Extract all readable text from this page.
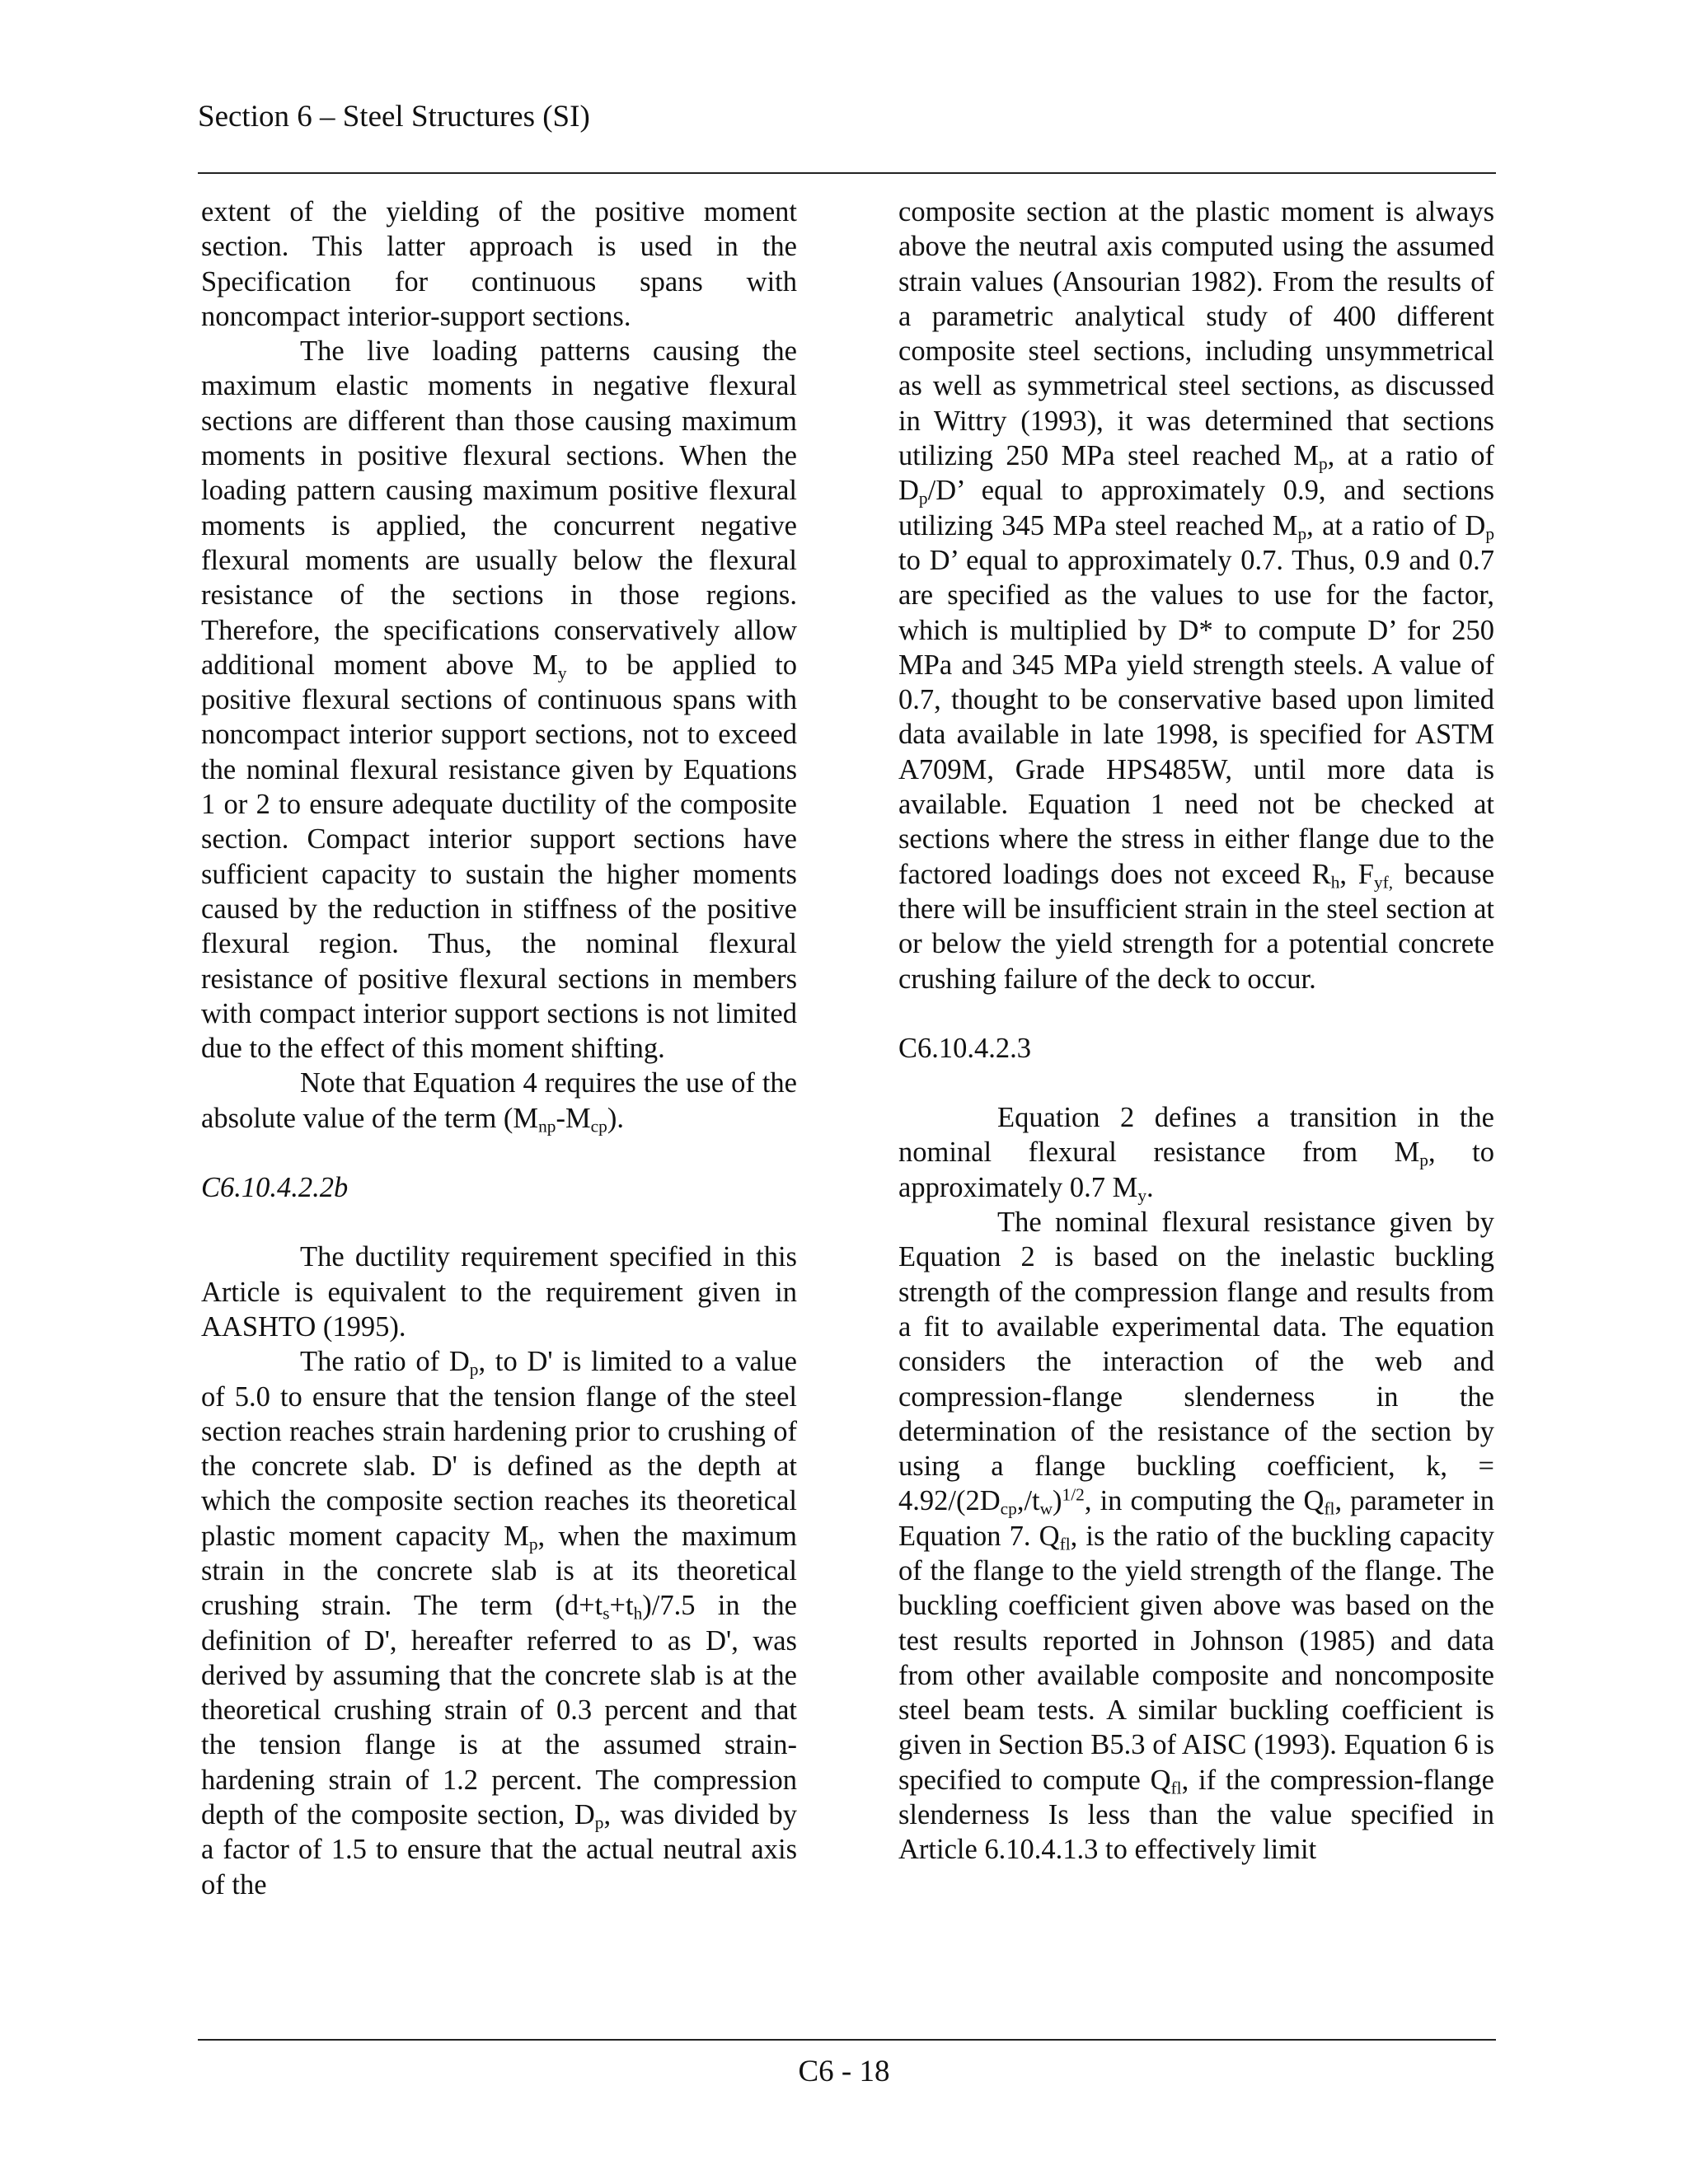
Section 6 – Steel Structures (SI)

extent of the yielding of the positive moment section. This latter approach is used in the Specification for continuous spans with noncompact interior-support sections.

The live loading patterns causing the maximum elastic moments in negative flexural sections are different than those causing maximum moments in positive flexural sections. When the loading pattern causing maximum positive flexural moments is applied, the concurrent negative flexural moments are usually below the flexural resistance of the sections in those regions. Therefore, the specifications conservatively allow additional moment above $M_y$ to be applied to positive flexural sections of continuous spans with noncompact interior support sections, not to exceed the nominal flexural resistance given by Equations 1 or 2 to ensure adequate ductility of the composite section. Compact interior support sections have sufficient capacity to sustain the higher moments caused by the reduction in stiffness of the positive flexural region. Thus, the nominal flexural resistance of positive flexural sections in members with compact interior support sections is not limited due to the effect of this moment shifting.

Note that Equation 4 requires the use of the absolute value of the term $(M_{np}-M_{cp})$.

C6.10.4.2.2b

The ductility requirement specified in this Article is equivalent to the requirement given in AASHTO (1995).

The ratio of $D_p$, to D' is limited to a value of 5.0 to ensure that the tension flange of the steel section reaches strain hardening prior to crushing of the concrete slab. D' is defined as the depth at which the composite section reaches its theoretical plastic moment capacity $M_p$, when the maximum strain in the concrete slab is at its theoretical crushing strain. The term $(d+t_s+t_h)/7.5$ in the definition of D', hereafter referred to as D', was derived by assuming that the concrete slab is at the theoretical crushing strain of 0.3 percent and that the tension flange is at the assumed strain-hardening strain of 1.2 percent. The compression depth of the composite section, $D_p$, was divided by a factor of 1.5 to ensure that the actual neutral axis of the

composite section at the plastic moment is always above the neutral axis computed using the assumed strain values (Ansourian 1982). From the results of a parametric analytical study of 400 different composite steel sections, including unsymmetrical as well as symmetrical steel sections, as discussed in Wittry (1993), it was determined that sections utilizing 250 MPa steel reached $M_p$, at a ratio of $D_p/D$’ equal to approximately 0.9, and sections utilizing 345 MPa steel reached $M_p$, at a ratio of $D_p$ to D’ equal to approximately 0.7. Thus, 0.9 and 0.7 are specified as the values to use for the factor, which is multiplied by D* to compute D’ for 250 MPa and 345 MPa yield strength steels. A value of 0.7, thought to be conservative based upon limited data available in late 1998, is specified for ASTM A709M, Grade HPS485W, until more data is available. Equation 1 need not be checked at sections where the stress in either flange due to the factored loadings does not exceed $R_h$, $F_{yf,}$ because there will be insufficient strain in the steel section at or below the yield strength for a potential concrete crushing failure of the deck to occur.

C6.10.4.2.3

Equation 2 defines a transition in the nominal flexural resistance from $M_p$, to approximately 0.7 $M_y$.

The nominal flexural resistance given by Equation 2 is based on the inelastic buckling strength of the compression flange and results from a fit to available experimental data. The equation considers the interaction of the web and compression-flange slenderness in the determination of the resistance of the section by using a flange buckling coefficient, k, = $4.92/(2D_{cp},/t_w)^{1/2}$, in computing the $Q_{fl}$, parameter in Equation 7. $Q_{fl}$, is the ratio of the buckling capacity of the flange to the yield strength of the flange. The buckling coefficient given above was based on the test results reported in Johnson (1985) and data from other available composite and noncomposite steel beam tests. A similar buckling coefficient is given in Section B5.3 of AISC (1993). Equation 6 is specified to compute $Q_{fl}$, if the compression-flange slenderness Is less than the value specified in Article 6.10.4.1.3 to effectively limit

C6 - 18
